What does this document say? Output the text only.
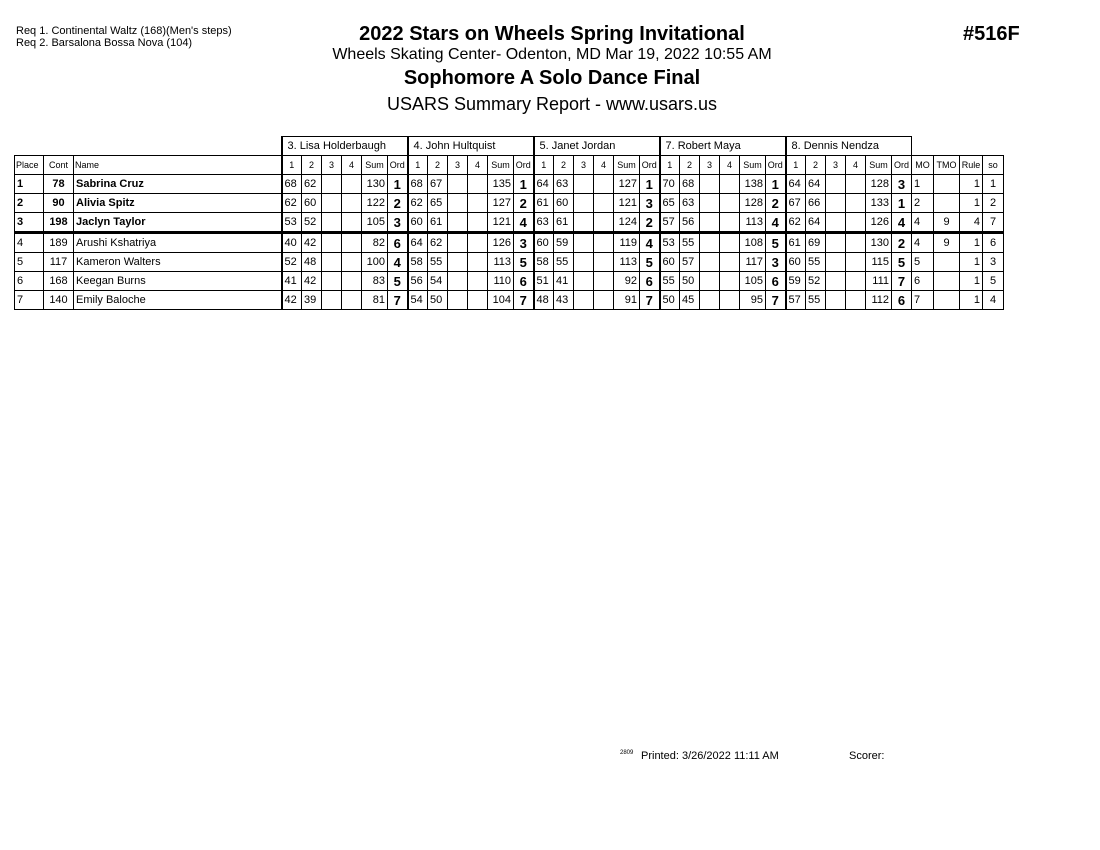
Req 1. Continental Waltz (168)(Men's steps)
Req 2. Barsalona Bossa Nova (104)	2022 Stars on Wheels Spring Invitational
Wheels Skating Center- Odenton, MD Mar 19, 2022 10:55 AM
Sophomore A Solo Dance Final
USARS Summary Report - www.usars.us
#516F
			3. Lisa Holderbaugh						4. John Hultquist						5. Janet Jordan						7. Robert Maya						8. Dennis Nendza									
Place	Cont	Name	1	2	3	4	Sum	Ord	1	2	3	4	Sum	Ord	1	2	3	4	Sum	Ord	1	2	3	4	Sum	Ord	1	2	3	4	Sum	Ord	MO	TMO	Rule	so
1	78	Sabrina Cruz	68	62			130	1	68	67			135	1	64	63			127	1	70	68			138	1	64	64			128	3	1		1	1
2	90	Alivia Spitz	62	60			122	2	62	65			127	2	61	60			121	3	65	63			128	2	67	66			133	1	2		1	2
3	198	Jaclyn Taylor	53	52			105	3	60	61			121	4	63	61			124	2	57	56			113	4	62	64			126	4	4	9	4	7
4	189	Arushi Kshatriya	40	42			82	6	64	62			126	3	60	59			119	4	53	55			108	5	61	69			130	2	4	9	1	6
5	117	Kameron Walters	52	48			100	4	58	55			113	5	58	55			113	5	60	57			117	3	60	55			115	5	5		1	3
6	168	Keegan Burns	41	42			83	5	56	54			110	6	51	41			92	6	55	50			105	6	59	52			111	7	6		1	5
7	140	Emily Baloche	42	39			81	7	54	50			104	7	48	43			91	7	50	45			95	7	57	55			112	6	7		1	4
2809 Printed: 3/26/2022 11:11 AM	Scorer:
